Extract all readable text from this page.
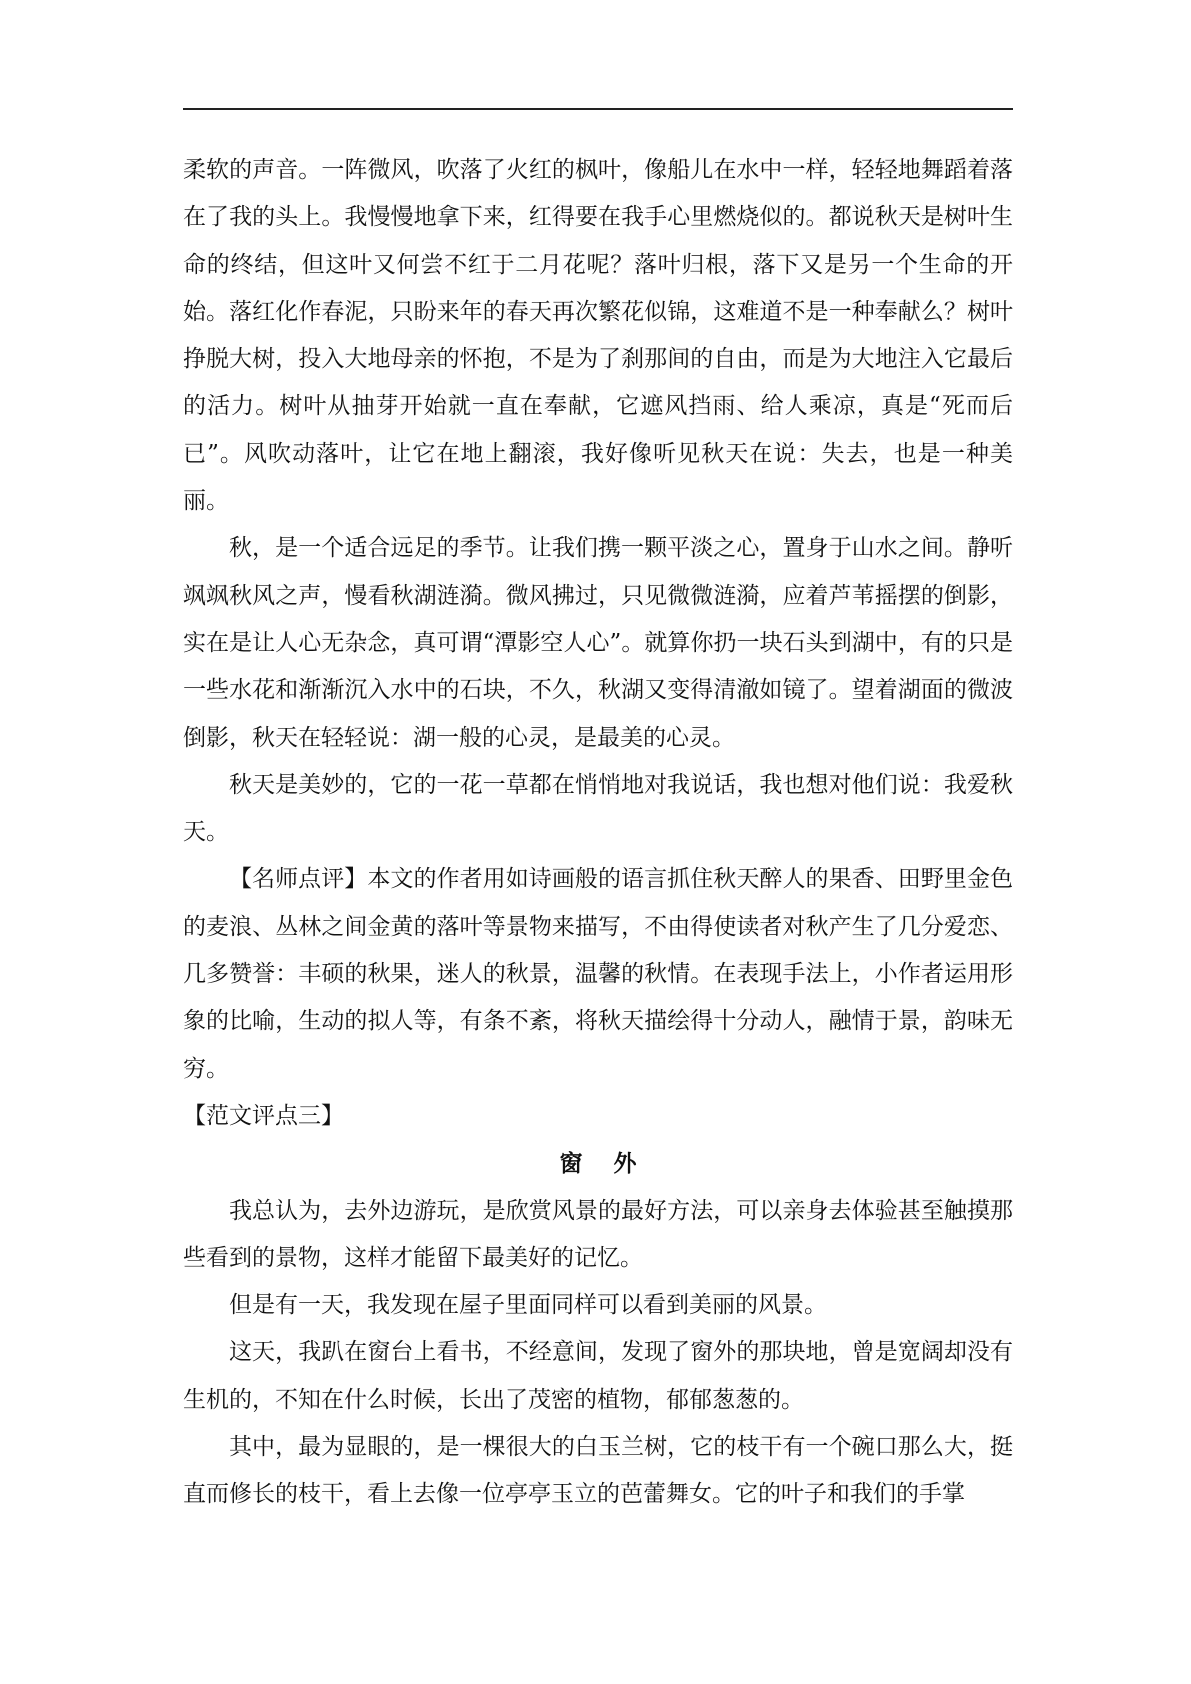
柔软的声音。一阵微风，吹落了火红的枫叶，像船儿在水中一样，轻轻地舞蹈着落在了我的头上。我慢慢地拿下来，红得要在我手心里燃烧似的。都说秋天是树叶生命的终结，但这叶又何尝不红于二月花呢？落叶归根，落下又是另一个生命的开始。落红化作春泥，只盼来年的春天再次繁花似锦，这难道不是一种奉献么？树叶挣脱大树，投入大地母亲的怀抱，不是为了刹那间的自由，而是为大地注入它最后的活力。树叶从抽芽开始就一直在奉献，它遮风挡雨、给人乘凉，真是“死而后已”。风吹动落叶，让它在地上翻滚，我好像听见秋天在说：失去，也是一种美丽。

秋，是一个适合远足的季节。让我们携一颗平淡之心，置身于山水之间。静听飒飒秋风之声，慢看秋湖涟漪。微风拂过，只见微微涟漪，应着芦苇摇摆的倒影，实在是让人心无杂念，真可谓“潭影空人心”。就算你扔一块石头到湖中，有的只是一些水花和渐渐沉入水中的石块，不久，秋湖又变得清澈如镜了。望着湖面的微波倒影，秋天在轻轻说：湖一般的心灵，是最美的心灵。

秋天是美妙的，它的一花一草都在悄悄地对我说话，我也想对他们说：我爱秋天。

【名师点评】本文的作者用如诗画般的语言抓住秋天醉人的果香、田野里金色的麦浪、丛林之间金黄的落叶等景物来描写，不由得使读者对秋产生了几分爱恋、几多赞誉：丰硕的秋果，迷人的秋景，温馨的秋情。在表现手法上，小作者运用形象的比喻，生动的拟人等，有条不紊，将秋天描绘得十分动人，融情于景，韵味无穷。

【范文评点三】

窗 外

我总认为，去外边游玩，是欣赏风景的最好方法，可以亲身去体验甚至触摸那些看到的景物，这样才能留下最美好的记忆。

但是有一天，我发现在屋子里面同样可以看到美丽的风景。

这天，我趴在窗台上看书，不经意间，发现了窗外的那块地，曾是宽阔却没有生机的，不知在什么时候，长出了茂密的植物，郁郁葱葱的。

其中，最为显眼的，是一棵很大的白玉兰树，它的枝干有一个碗口那么大，挺直而修长的枝干，看上去像一位亭亭玉立的芭蕾舞女。它的叶子和我们的手掌
